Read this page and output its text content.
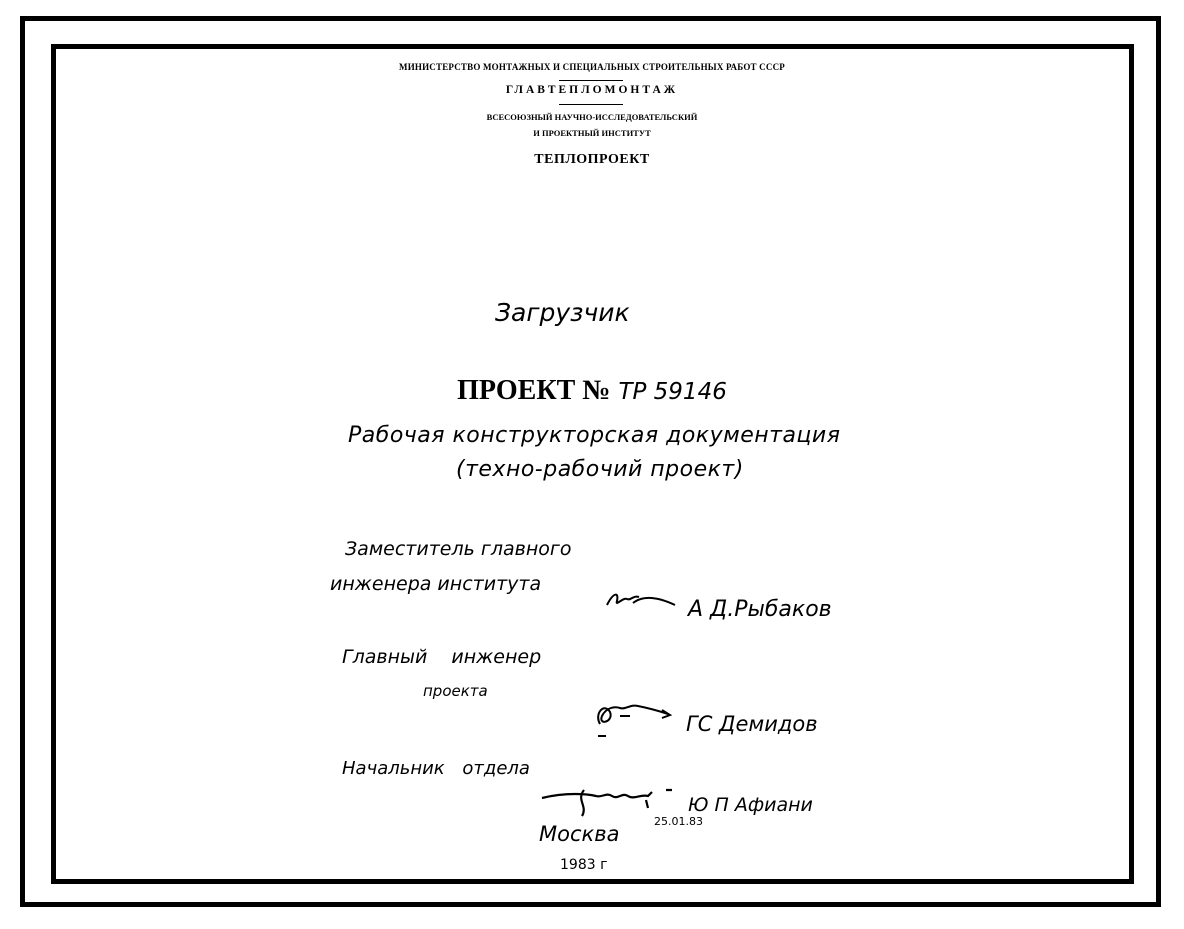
МИНИСТЕРСТВО МОНТАЖНЫХ И СПЕЦИАЛЬНЫХ СТРОИТЕЛЬНЫХ РАБОТ СССР
ГЛАВТЕПЛОМОНТАЖ
ВСЕСОЮЗНЫЙ НАУЧНО-ИССЛЕДОВАТЕЛЬСКИЙ
И ПРОЕКТНЫЙ ИНСТИТУТ
ТЕПЛОПРОЕКТ
Загрузчик
ПРОЕКТ № ТР 59146
Рабочая конструкторская документация
(техно-рабочий проект)
Заместитель главного
инженера института
А Д.Рыбаков
Главный инженер
проекта
ГС Демидов
Начальник отдела
Ю П Афиани
25.01.83
Москва
1983 г
